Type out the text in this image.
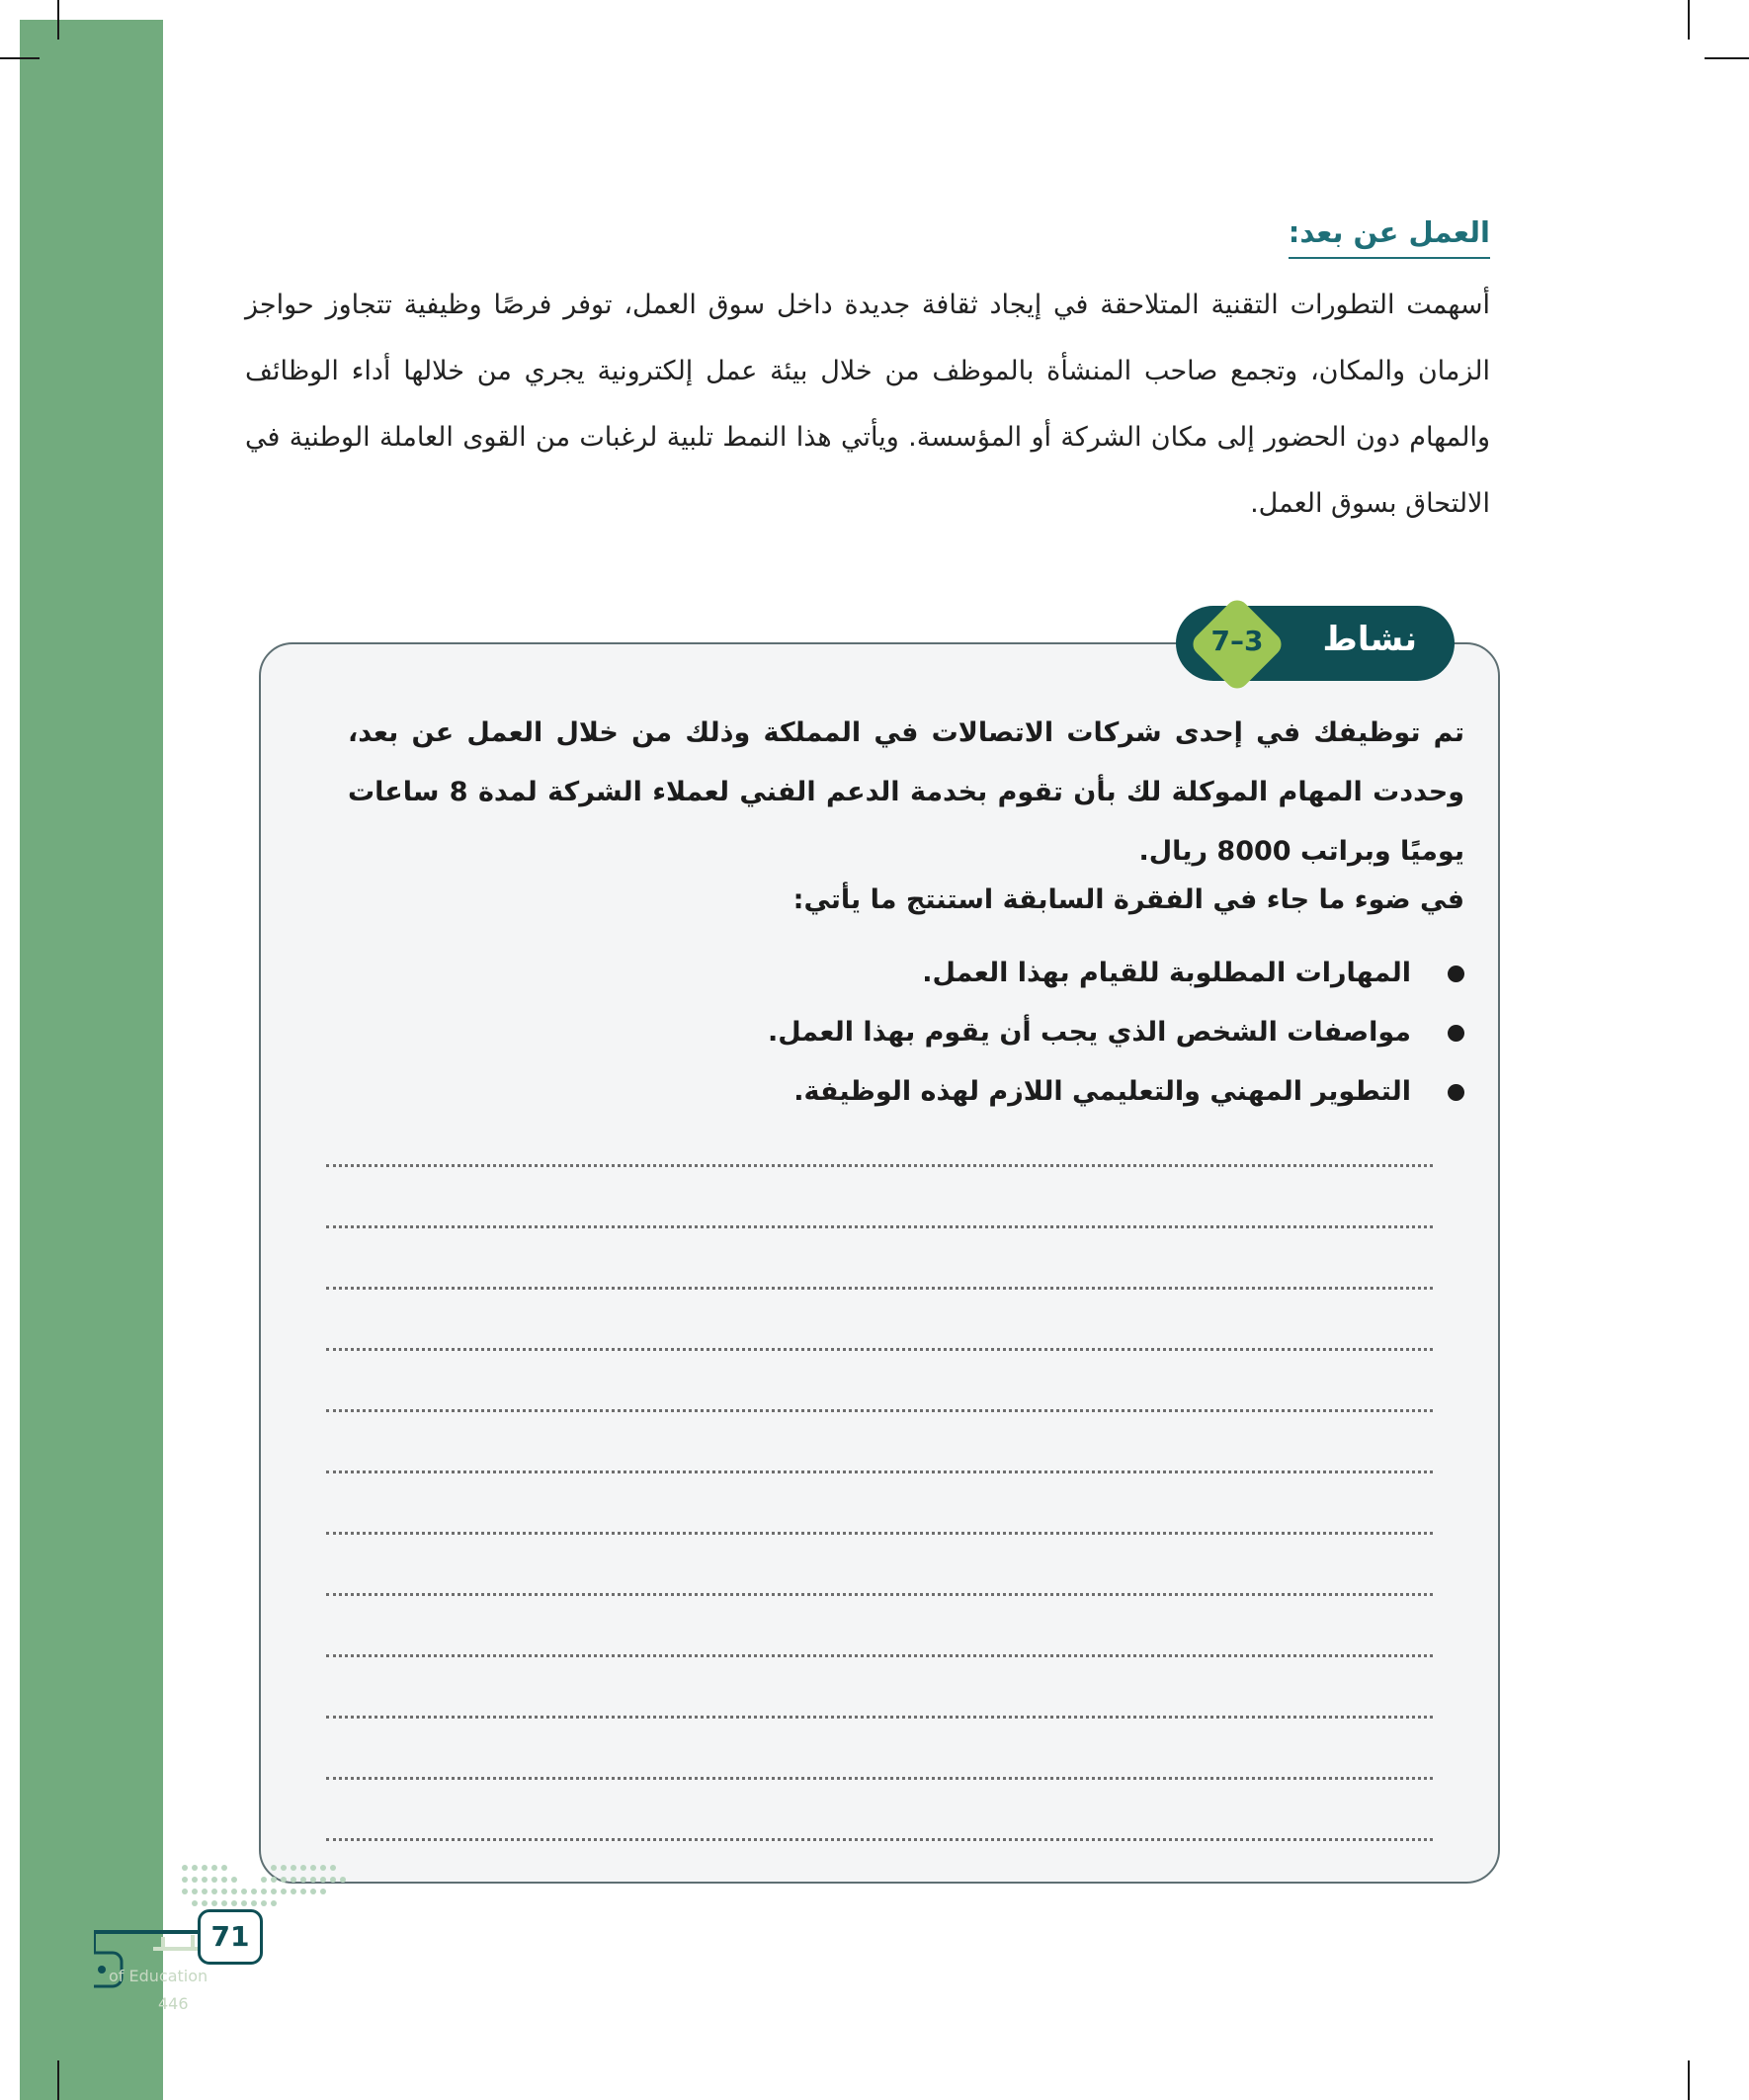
العمل عن بعد:
أسهمت التطورات التقنية المتلاحقة في إيجاد ثقافة جديدة داخل سوق العمل، توفر فرصًا وظيفية تتجاوز حواجز الزمان والمكان، وتجمع صاحب المنشأة بالموظف من خلال بيئة عمل إلكترونية يجري من خلالها أداء الوظائف والمهام دون الحضور إلى مكان الشركة أو المؤسسة. ويأتي هذا النمط تلبية لرغبات من القوى العاملة الوطنية في الالتحاق بسوق العمل.
نشاط
7–3
تم توظيفك في إحدى شركات الاتصالات في المملكة وذلك من خلال العمل عن بعد، وحددت المهام الموكلة لك بأن تقوم بخدمة الدعم الفني لعملاء الشركة لمدة 8 ساعات يوميًا وبراتب 8000 ريال.
في ضوء ما جاء في الفقرة السابقة استنتج ما يأتي:
المهارات المطلوبة للقيام بهذا العمل.
مواصفات الشخص الذي يجب أن يقوم بهذا العمل.
التطوير المهني والتعليمي اللازم لهذه الوظيفة.
71
of Education
446
